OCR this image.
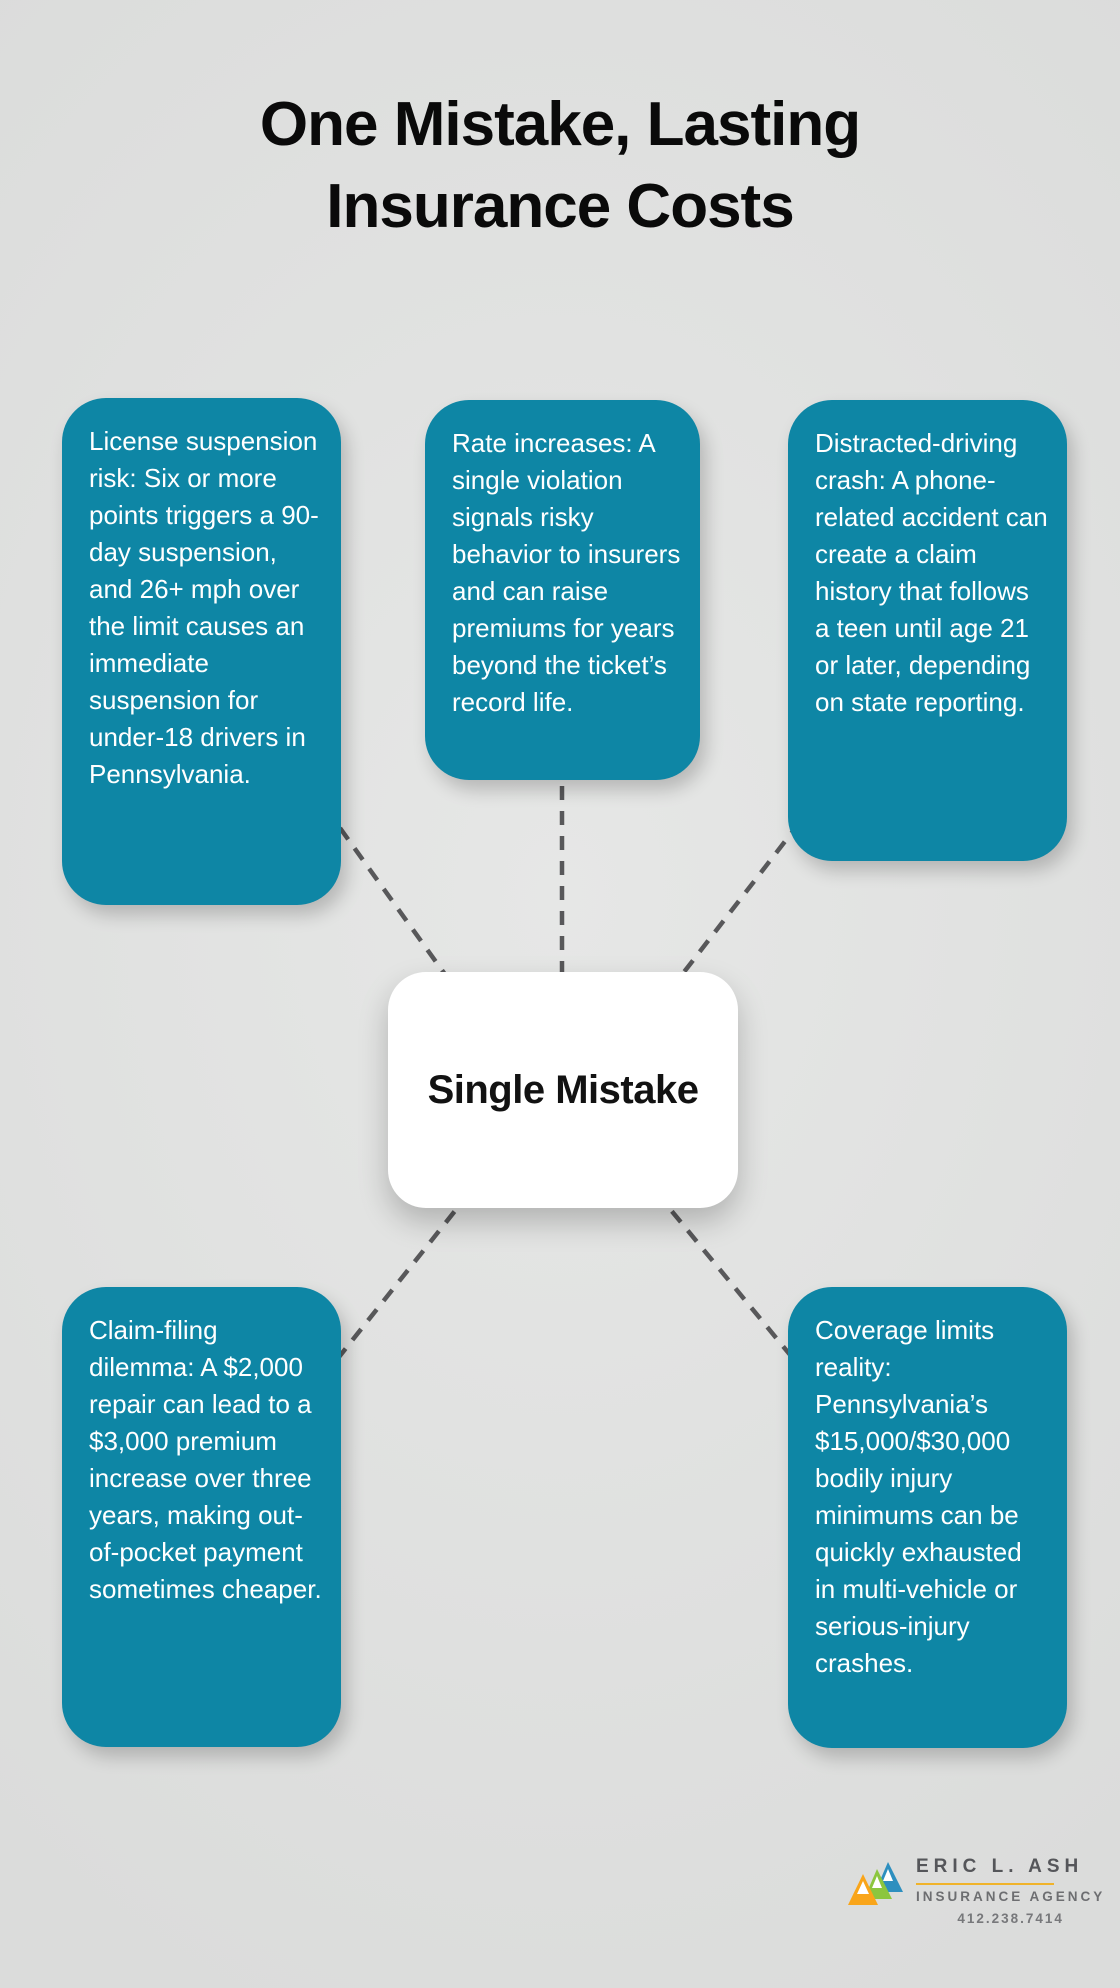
One Mistake, Lasting Insurance Costs
License suspension risk: Six or more points triggers a 90-day suspension, and 26+ mph over the limit causes an immediate suspension for under-18 drivers in Pennsylvania.
Rate increases: A single violation signals risky behavior to insurers and can raise premiums for years beyond the ticket’s record life.
Distracted-driving crash: A phone-related accident can create a claim history that follows a teen until age 21 or later, depending on state reporting.
Single Mistake
Claim-filing dilemma: A $2,000 repair can lead to a $3,000 premium increase over three years, making out-of-pocket payment sometimes cheaper.
Coverage limits reality: Pennsylvania’s $15,000/$30,000 bodily injury minimums can be quickly exhausted in multi-vehicle or serious-injury crashes.
ERIC L. ASH
INSURANCE AGENCY
412.238.7414
